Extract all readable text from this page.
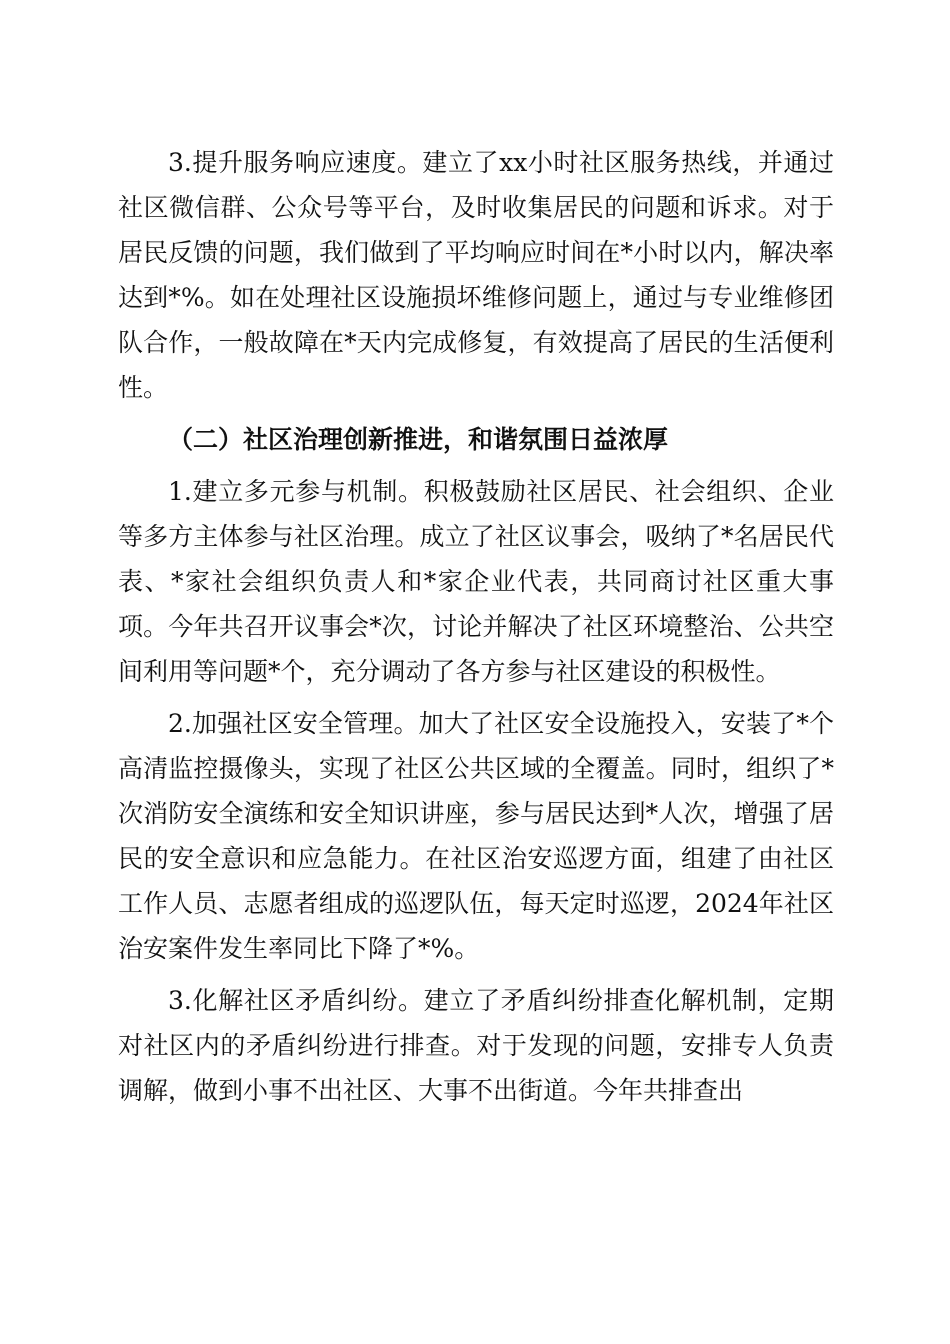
3.提升服务响应速度。建立了xx小时社区服务热线，并通过社区微信群、公众号等平台，及时收集居民的问题和诉求。对于居民反馈的问题，我们做到了平均响应时间在*小时以内，解决率达到*%。如在处理社区设施损坏维修问题上，通过与专业维修团队合作，一般故障在*天内完成修复，有效提高了居民的生活便利性。

（二）社区治理创新推进，和谐氛围日益浓厚

1.建立多元参与机制。积极鼓励社区居民、社会组织、企业等多方主体参与社区治理。成立了社区议事会，吸纳了*名居民代表、*家社会组织负责人和*家企业代表，共同商讨社区重大事项。今年共召开议事会*次，讨论并解决了社区环境整治、公共空间利用等问题*个，充分调动了各方参与社区建设的积极性。

2.加强社区安全管理。加大了社区安全设施投入，安装了*个高清监控摄像头，实现了社区公共区域的全覆盖。同时，组织了*次消防安全演练和安全知识讲座，参与居民达到*人次，增强了居民的安全意识和应急能力。在社区治安巡逻方面，组建了由社区工作人员、志愿者组成的巡逻队伍，每天定时巡逻，2024年社区治安案件发生率同比下降了*%。

3.化解社区矛盾纠纷。建立了矛盾纠纷排查化解机制，定期对社区内的矛盾纠纷进行排查。对于发现的问题，安排专人负责调解，做到小事不出社区、大事不出街道。今年共排查出
